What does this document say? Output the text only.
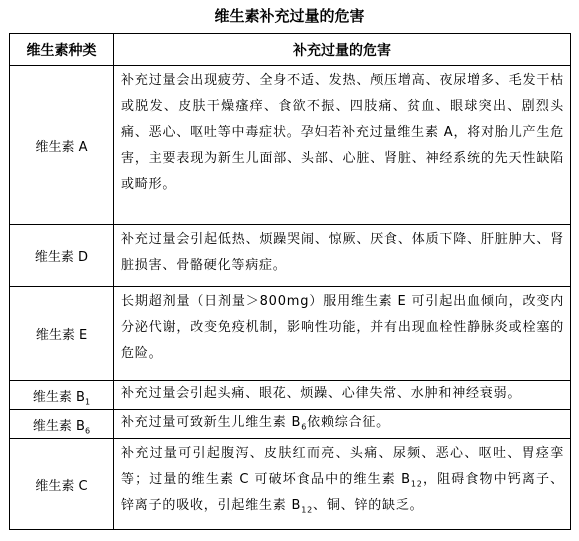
维生素补充过量的危害
维生素种类	补充过量的危害
维生素 A	补充过量会出现疲劳、全身不适、发热、颅压增高、夜尿增多、毛发干枯或脱发、皮肤干燥瘙痒、食欲不振、四肢痛、贫血、眼球突出、剧烈头痛、恶心、呕吐等中毒症状。孕妇若补充过量维生素 A，将对胎儿产生危害，主要表现为新生儿面部、头部、心脏、肾脏、神经系统的先天性缺陷或畸形。
维生素 D	补充过量会引起低热、烦躁哭闹、惊厥、厌食、体质下降、肝脏肿大、肾脏损害、骨骼硬化等病症。
维生素 E	长期超剂量（日剂量＞800mg）服用维生素 E 可引起出血倾向，改变内分泌代谢，改变免疫机制，影响性功能，并有出现血栓性静脉炎或栓塞的危险。
维生素 $B_1$	补充过量会引起头痛、眼花、烦躁、心律失常、水肿和神经衰弱。
维生素 $B_6$	补充过量可致新生儿维生素 $B_6$依赖综合征。
维生素 C	补充过量可引起腹泻、皮肤红而亮、头痛、尿频、恶心、呕吐、胃痉挛等；过量的维生素 C 可破坏食品中的维生素 $B_{12}$，阻碍食物中钙离子、锌离子的吸收，引起维生素 $B_{12}$、铜、锌的缺乏。
